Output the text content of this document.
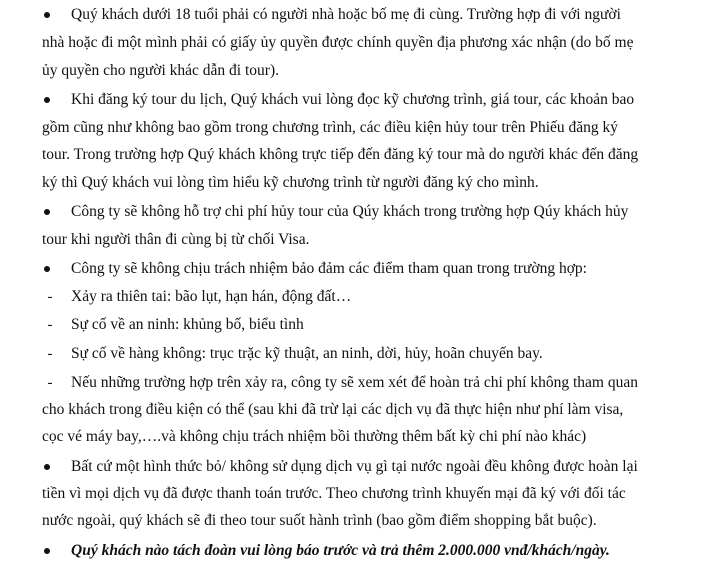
Quý khách dưới 18 tuổi phải có người nhà hoặc bố mẹ đi cùng. Trường hợp đi với người
nhà hoặc đi một mình phải có giấy ủy quyền được chính quyền địa phương xác nhận (do bố mẹ
ủy quyền cho người khác dẫn đi tour).
Khi đăng ký tour du lịch, Quý khách vui lòng đọc kỹ chương trình, giá tour, các khoản bao
gồm cũng như không bao gồm trong chương trình, các điều kiện hủy tour trên Phiếu đăng ký
tour. Trong trường hợp Quý khách không trực tiếp đến đăng ký tour mà do người khác đến đăng
ký thì Quý khách vui lòng tìm hiểu kỹ chương trình từ người đăng ký cho mình.
Công ty sẽ không hỗ trợ chi phí hủy tour của Qúy khách trong trường hợp Qúy khách hủy
tour khi người thân đi cùng bị từ chối Visa.
Công ty sẽ không chịu trách nhiệm bảo đảm các điểm tham quan trong trường hợp:
-	Xảy ra thiên tai: bão lụt, hạn hán, động đất…
-	Sự cố về an ninh: khủng bố, biểu tình
-	Sự cố về hàng không: trục trặc kỹ thuật, an ninh, dời, hủy, hoãn chuyến bay.
-	Nếu những trường hợp trên xảy ra, công ty sẽ xem xét để hoàn trả chi phí không tham quan
cho khách trong điều kiện có thể (sau khi đã trừ lại các dịch vụ đã thực hiện như phí làm visa,
cọc vé máy bay,….và không chịu trách nhiệm bồi thường thêm bất kỳ chi phí nào khác)
Bất cứ một hình thức bỏ/ không sử dụng dịch vụ gì tại nước ngoài đều không được hoàn lại
tiền vì mọi dịch vụ đã được thanh toán trước. Theo chương trình khuyến mại đã ký với đối tác
nước ngoài, quý khách sẽ đi theo tour suốt hành trình (bao gồm điểm shopping bắt buộc).
Quý khách nào tách đoàn vui lòng báo trước và trả thêm 2.000.000 vnđ/khách/ngày.
